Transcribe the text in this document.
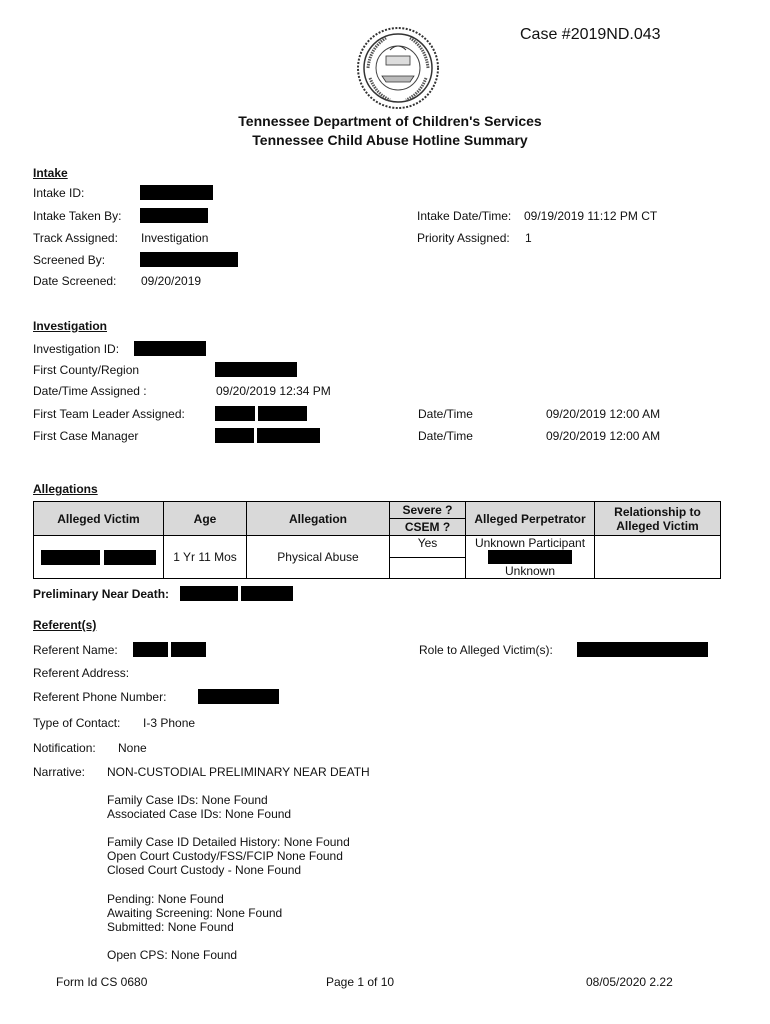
Case #2019ND.043
Tennessee Department of Children's Services
Tennessee Child Abuse Hotline Summary
Intake
Intake ID:
Intake Taken By:	Intake Date/Time: 09/19/2019 11:12 PM CT
Track Assigned: Investigation	Priority Assigned: 1
Screened By:
Date Screened: 09/20/2019
Investigation
Investigation ID:
First County/Region
Date/Time Assigned :	09/20/2019 12:34 PM
First Team Leader Assigned:	Date/Time	09/20/2019 12:00 AM
First Case Manager	Date/Time	09/20/2019 12:00 AM
Allegations
Alleged Victim	Age	Allegation	Severe ?	Alleged Perpetrator	Relationship to Alleged Victim
			CSEM ?		
	1 Yr 11 Mos	Physical Abuse	Yes	Unknown Participant
Unknown	

Preliminary Near Death:
Referent(s)
Referent Name:	Role to Alleged Victim(s):
Referent Address:
Referent Phone Number:
Type of Contact: I-3 Phone
Notification: None
Narrative: NON-CUSTODIAL PRELIMINARY NEAR DEATH
Family Case IDs: None Found
Associated Case IDs: None Found
Family Case ID Detailed History: None Found
Open Court Custody/FSS/FCIP None Found
Closed Court Custody - None Found
Pending: None Found
Awaiting Screening: None Found
Submitted: None Found
Open CPS: None Found
Form Id CS 0680	Page 1 of 10	08/05/2020 2.22
